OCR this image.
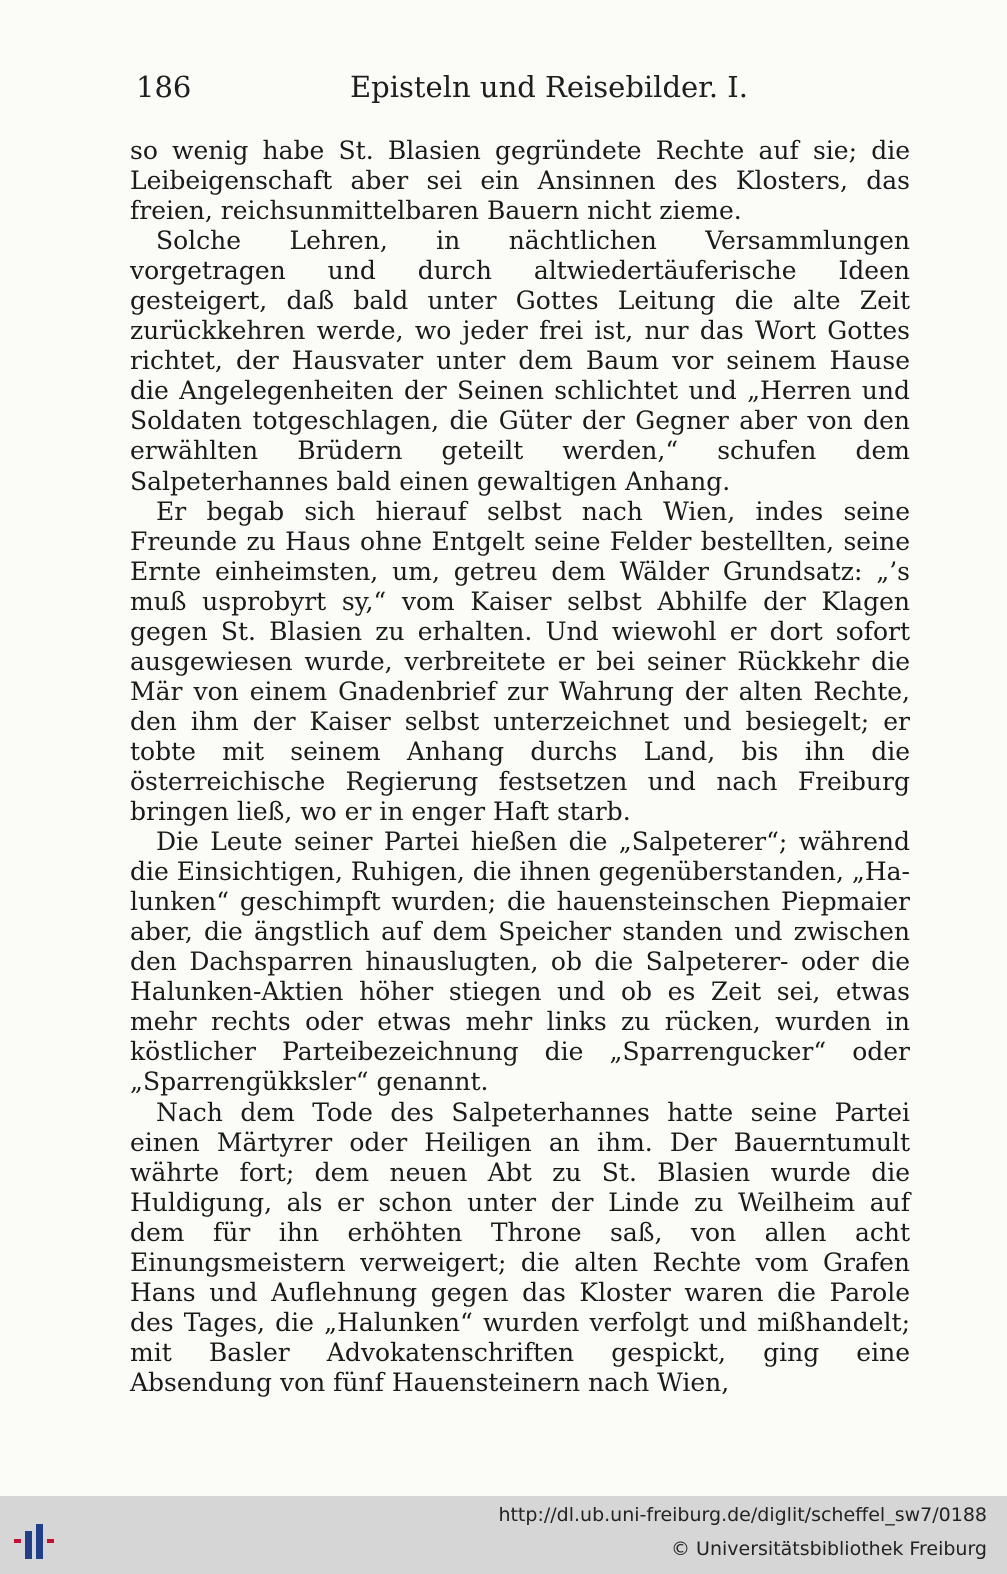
186	Episteln und Reisebilder. I.

so wenig habe St. Blasien gegründete Rechte auf sie; die Leibeigenschaft aber sei ein Ansinnen des Klosters, das freien, reichsunmittelbaren Bauern nicht zieme.

Solche Lehren, in nächtlichen Versammlungen vorgetragen und durch altwiedertäuferische Ideen gesteigert, daß bald unter Gottes Leitung die alte Zeit zurückkehren werde, wo jeder frei ist, nur das Wort Gottes richtet, der Hausvater unter dem Baum vor seinem Hause die Angelegenheiten der Seinen schlichtet und „Herren und Soldaten totgeschlagen, die Güter der Gegner aber von den erwählten Brüdern geteilt werden,“ schufen dem Salpeterhannes bald einen gewaltigen Anhang.

Er begab sich hierauf selbst nach Wien, indes seine Freunde zu Haus ohne Entgelt seine Felder bestellten, seine Ernte einheimsten, um, getreu dem Wälder Grundsatz: „’s muß usprobyrt sy,“ vom Kaiser selbst Abhilfe der Klagen gegen St. Blasien zu erhalten. Und wiewohl er dort sofort ausgewiesen wurde, verbreitete er bei seiner Rückkehr die Mär von einem Gnadenbrief zur Wahrung der alten Rechte, den ihm der Kaiser selbst unterzeichnet und besiegelt; er tobte mit seinem Anhang durchs Land, bis ihn die österreichische Regierung festsetzen und nach Freiburg bringen ließ, wo er in enger Haft starb.

Die Leute seiner Partei hießen die „Salpeterer“; während die Einsichtigen, Ruhigen, die ihnen gegenüberstanden, „Halunken“ geschimpft wurden; die hauensteinschen Piepmaier aber, die ängstlich auf dem Speicher standen und zwischen den Dachsparren hinauslugten, ob die Salpeterer- oder die Halunken-Aktien höher stiegen und ob es Zeit sei, etwas mehr rechts oder etwas mehr links zu rücken, wurden in köstlicher Parteibezeichnung die „Sparrengucker“ oder „Sparrengükksler“ genannt.

Nach dem Tode des Salpeterhannes hatte seine Partei einen Märtyrer oder Heiligen an ihm. Der Bauerntumult währte fort; dem neuen Abt zu St. Blasien wurde die Huldigung, als er schon unter der Linde zu Weilheim auf dem für ihn erhöhten Throne saß, von allen acht Einungsmeistern verweigert; die alten Rechte vom Grafen Hans und Auflehnung gegen das Kloster waren die Parole des Tages, die „Halunken“ wurden verfolgt und mißhandelt; mit Basler Advokatenschriften gespickt, ging eine Absendung von fünf Hauensteinern nach Wien,

http://dl.ub.uni-freiburg.de/diglit/scheffel_sw7/0188
© Universitätsbibliothek Freiburg
